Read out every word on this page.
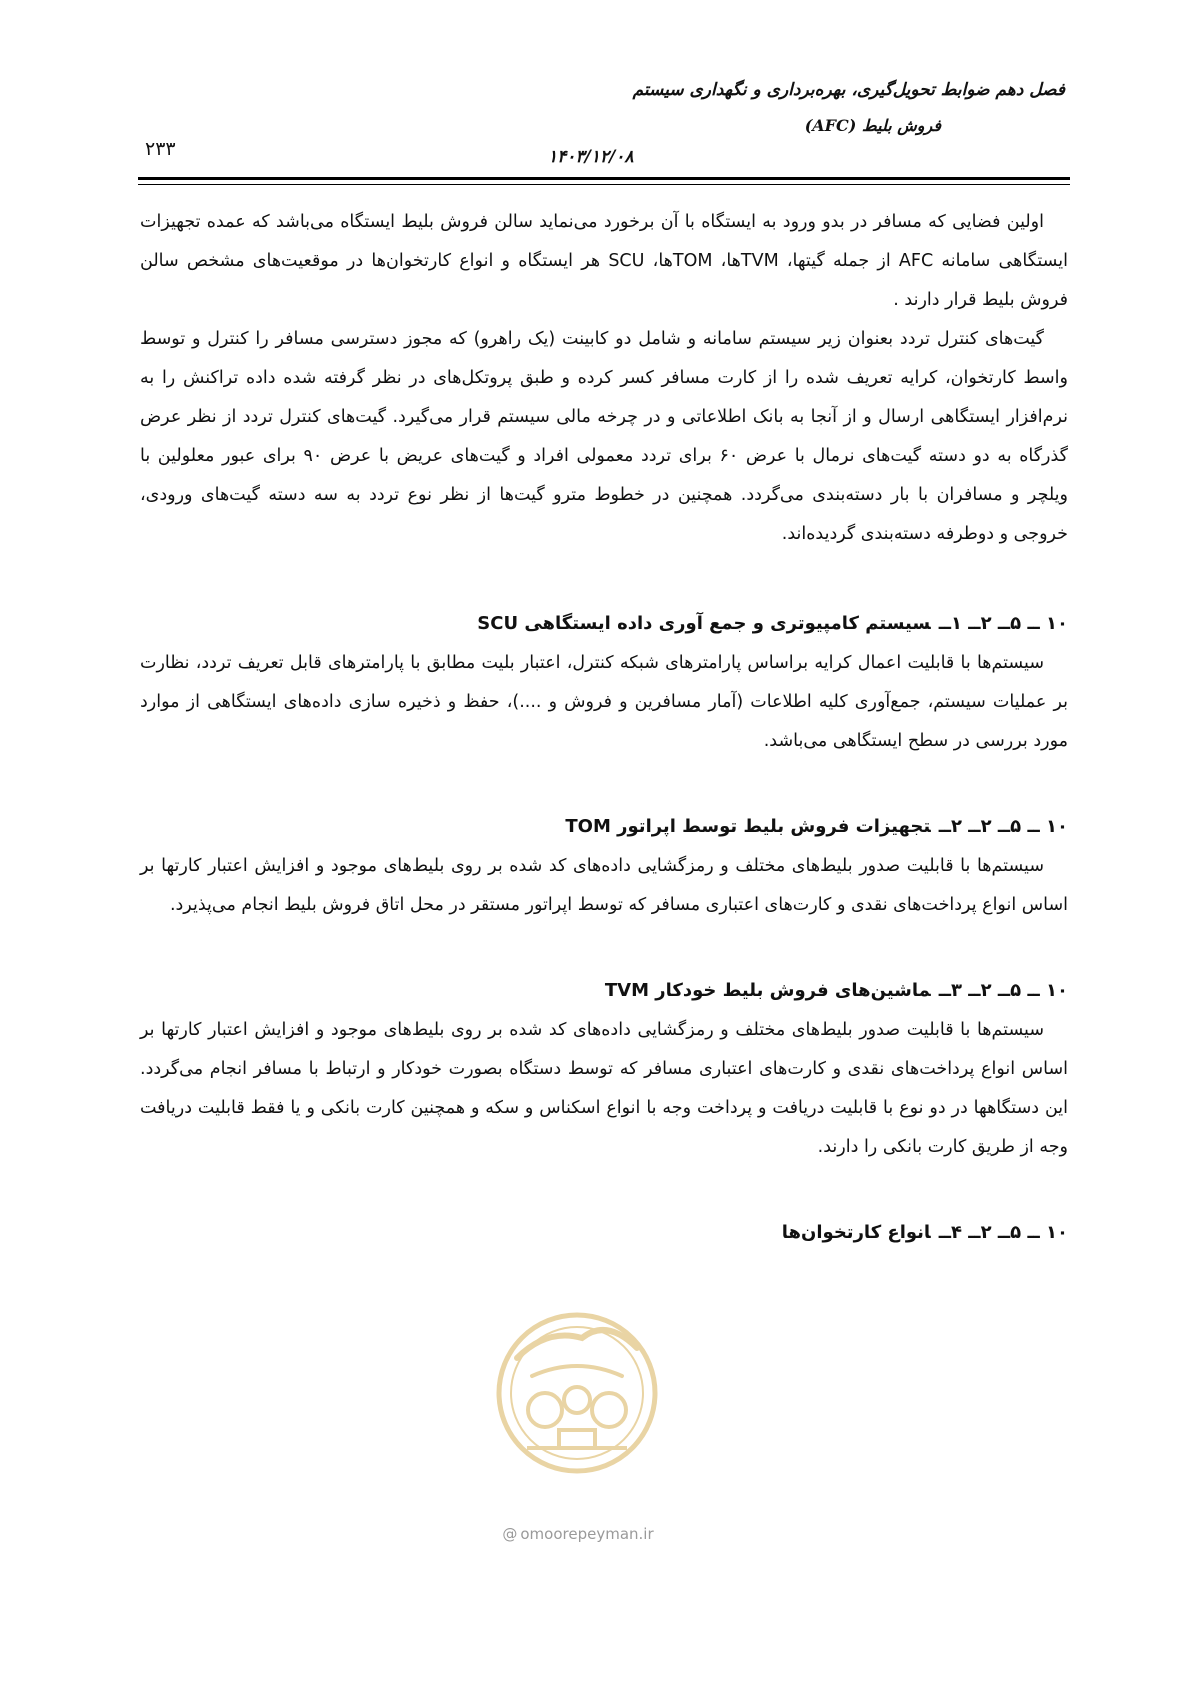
فصل دهم ضوابط تحویل‌گیری، بهره‌برداری و نگهداری سیستم
فروش بلیط (AFC)
۱۴۰۳/۱۲/۰۸
۲۳۳

اولین فضایی که مسافر در بدو ورود به ایستگاه با آن برخورد می‌نماید سالن فروش بلیط ایستگاه می‌باشد که عمده تجهیزات ایستگاهی سامانه AFC از جمله گیتها، TVMها، TOMها، SCU هر ایستگاه و انواع کارتخوان‌ها در موقعیت‌های مشخص سالن فروش بلیط قرار دارند .

گیت‌های کنترل تردد بعنوان زیر سیستم سامانه و شامل دو کابینت (یک راهرو) که مجوز دسترسی مسافر را کنترل و توسط واسط کارتخوان، کرایه تعریف شده را از کارت مسافر کسر کرده و طبق پروتکل‌های در نظر گرفته شده داده تراکنش را به نرم‌افزار ایستگاهی ارسال و از آنجا به بانک اطلاعاتی و در چرخه مالی سیستم قرار می‌گیرد. گیت‌های کنترل تردد از نظر عرض گذرگاه به دو دسته گیت‌های نرمال با عرض ۶۰ برای تردد معمولی افراد و گیت‌های عریض با عرض ۹۰ برای عبور معلولین با ویلچر و مسافران با بار دسته‌بندی می‌گردد. همچنین در خطوط مترو گیت‌ها از نظر نوع تردد به سه دسته گیت‌های ورودی، خروجی و دوطرفه دسته‌بندی گردیده‌اند.

۱۰ ــ ۵ــ ۲ــ ۱ــسیستم کامپیوتری و جمع آوری داده ایستگاهی SCU

سیستم‌ها با قابلیت اعمال کرایه براساس پارامترهای شبکه کنترل، اعتبار بلیت مطابق با پارامترهای قابل تعریف تردد، نظارت بر عملیات سیستم، جمع‌آوری کلیه اطلاعات (آمار مسافرین و فروش و ....)، حفظ و ذخیره سازی داده‌های ایستگاهی از موارد مورد بررسی در سطح ایستگاهی می‌باشد.

۱۰ ــ ۵ــ ۲ــ ۲ــتجهیزات فروش بلیط توسط اپراتور TOM

سیستم‌ها با قابلیت صدور بلیط‌های مختلف و رمزگشایی داده‌های کد شده بر روی بلیط‌های موجود و افزایش اعتبار کارتها بر اساس انواع پرداخت‌های نقدی و کارت‌های اعتباری مسافر که توسط اپراتور مستقر در محل اتاق فروش بلیط انجام می‌پذیرد.

۱۰ ــ ۵ــ ۲ــ ۳ــماشین‌های فروش بلیط خودکار TVM

سیستم‌ها با قابلیت صدور بلیط‌های مختلف و رمزگشایی داده‌های کد شده بر روی بلیط‌های موجود و افزایش اعتبار کارتها بر اساس انواع پرداخت‌های نقدی و کارت‌های اعتباری مسافر که توسط دستگاه بصورت خودکار و ارتباط با مسافر انجام می‌گردد. این دستگاهها در دو نوع با قابلیت دریافت و پرداخت وجه با انواع اسکناس و سکه و همچنین کارت بانکی و یا فقط قابلیت دریافت وجه از طریق کارت بانکی را دارند.

۱۰ ــ ۵ــ ۲ــ ۴ــانواع کارتخوان‌ها

@ omoorepeyman.ir
